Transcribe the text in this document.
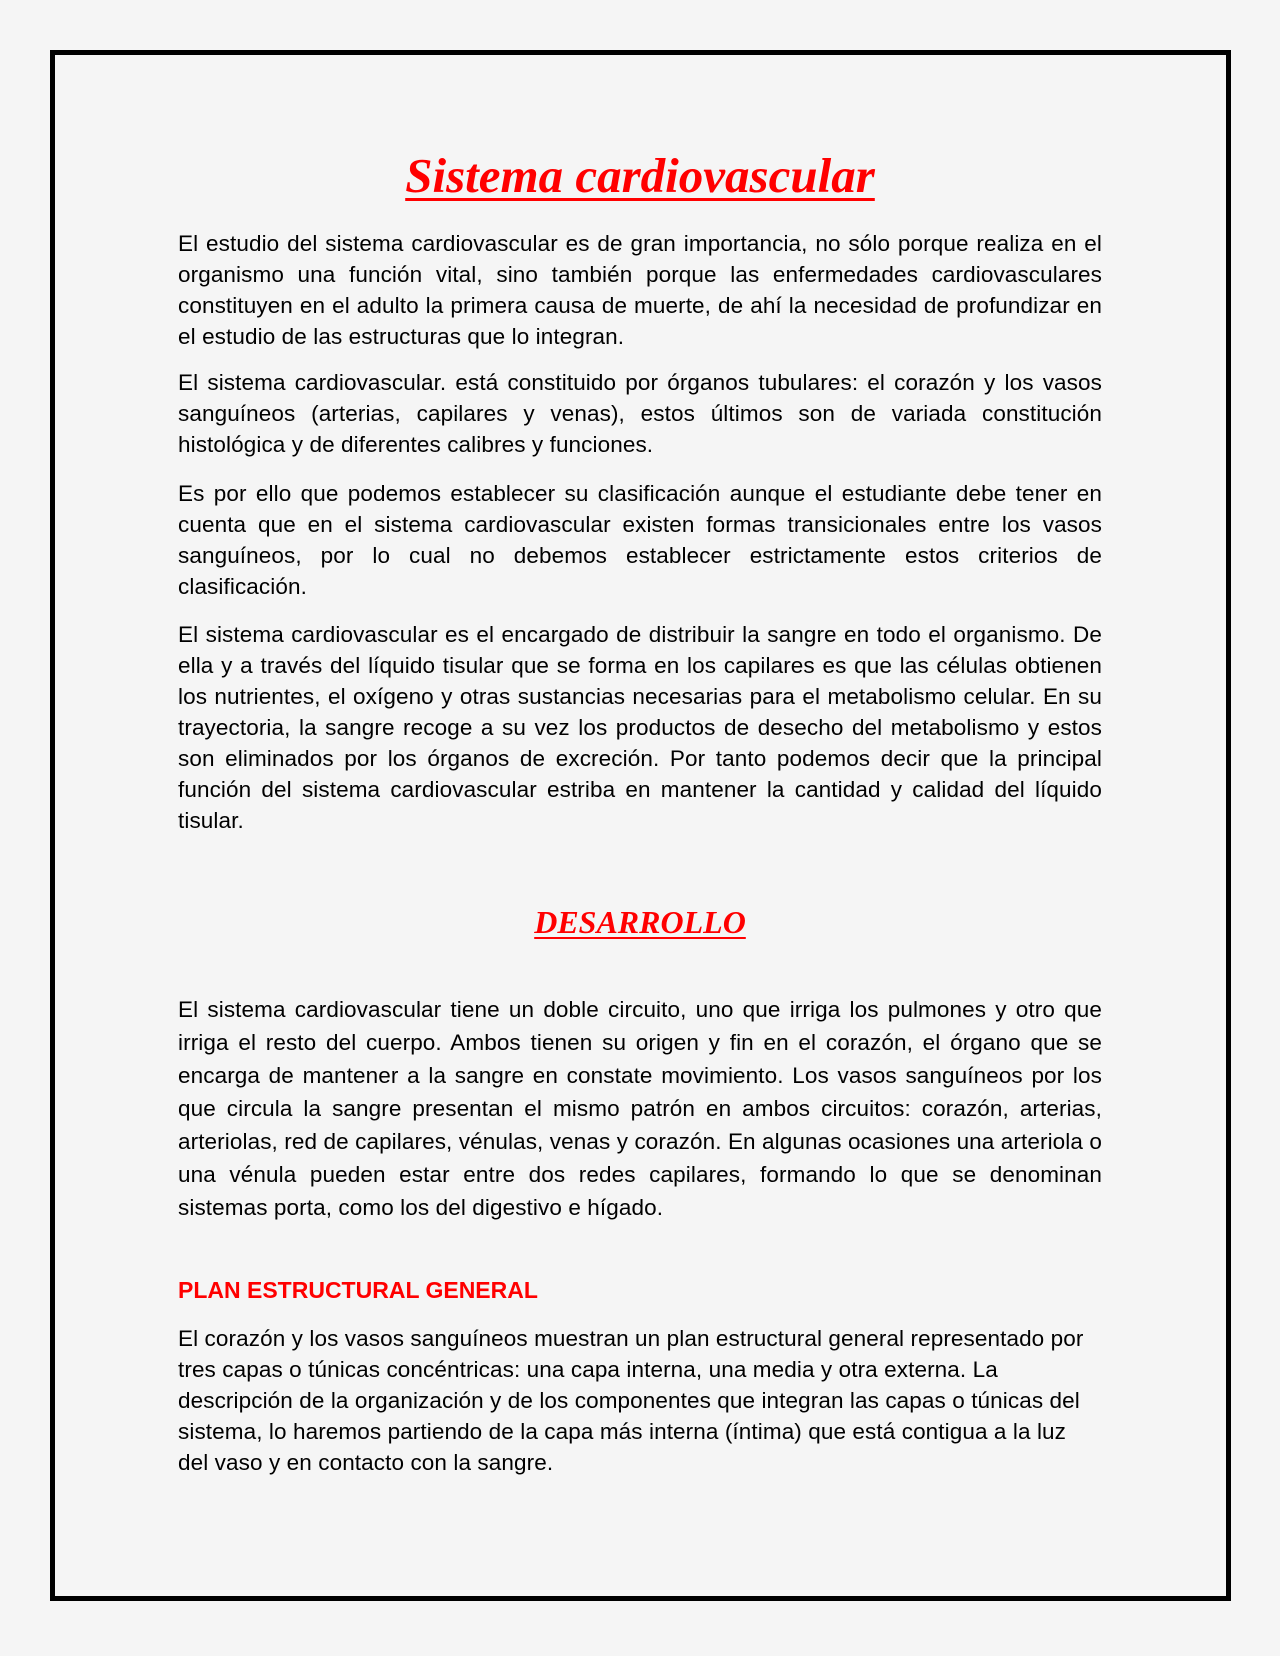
Sistema cardiovascular

El estudio del sistema cardiovascular es de gran importancia, no sólo porque realiza en el organismo una función vital, sino también porque las enfermedades cardiovasculares constituyen en el adulto la primera causa de muerte, de ahí la necesidad de profundizar en el estudio de las estructuras que lo integran.

El sistema cardiovascular. está constituido por órganos tubulares: el corazón y los vasos sanguíneos (arterias, capilares y venas), estos últimos son de variada constitución histológica y de diferentes calibres y funciones.

Es por ello que podemos establecer su clasificación aunque el estudiante debe tener en cuenta que en el sistema cardiovascular existen formas transicionales entre los vasos sanguíneos, por lo cual no debemos establecer estrictamente estos criterios de clasificación.

El sistema cardiovascular es el encargado de distribuir la sangre en todo el organismo. De ella y a través del líquido tisular que se forma en los capilares es que las células obtienen los nutrientes, el oxígeno y otras sustancias necesarias para el metabolismo celular. En su trayectoria, la sangre recoge a su vez los productos de desecho del metabolismo y estos son eliminados por los órganos de excreción. Por tanto podemos decir que la principal función del sistema cardiovascular estriba en mantener la cantidad y calidad del líquido tisular.

DESARROLLO

El sistema cardiovascular tiene un doble circuito, uno que irriga los pulmones y otro que irriga el resto del cuerpo. Ambos tienen su origen y fin en el corazón, el órgano que se encarga de mantener a la sangre en constate movimiento. Los vasos sanguíneos por los que circula la sangre presentan el mismo patrón en ambos circuitos: corazón, arterias, arteriolas, red de capilares, vénulas, venas y corazón. En algunas ocasiones una arteriola o una vénula pueden estar entre dos redes capilares, formando lo que se denominan sistemas porta, como los del digestivo e hígado.

PLAN ESTRUCTURAL GENERAL

El corazón y los vasos sanguíneos muestran un plan estructural general representado por tres capas o túnicas concéntricas: una capa interna, una media y otra externa. La descripción de la organización y de los componentes que integran las capas o túnicas del sistema, lo haremos partiendo de la capa más interna (íntima) que está contigua a la luz del vaso y en contacto con la sangre.
